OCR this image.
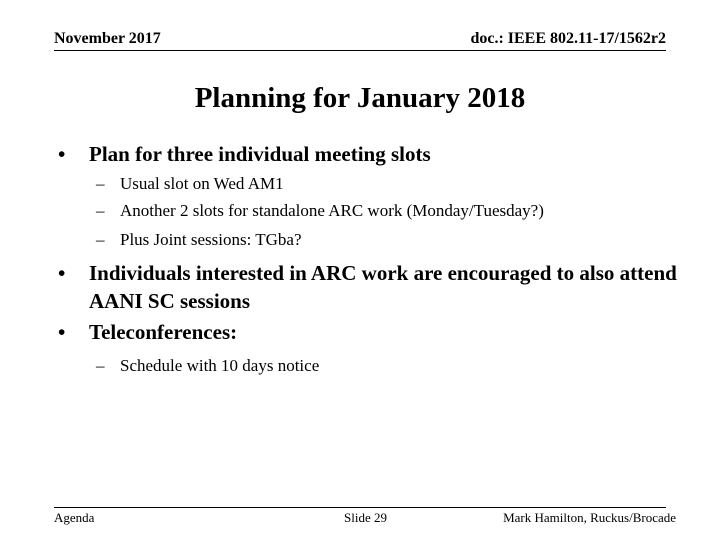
November 2017	doc.: IEEE 802.11-17/1562r2
Planning for January 2018
• Plan for three individual meeting slots
– Usual slot on Wed AM1
– Another 2 slots for standalone ARC work (Monday/Tuesday?)
– Plus Joint sessions: TGba?
• Individuals interested in ARC work are encouraged to also attend AANI SC sessions
• Teleconferences:
– Schedule with 10 days notice
Agenda	Slide 29	Mark Hamilton, Ruckus/Brocade
